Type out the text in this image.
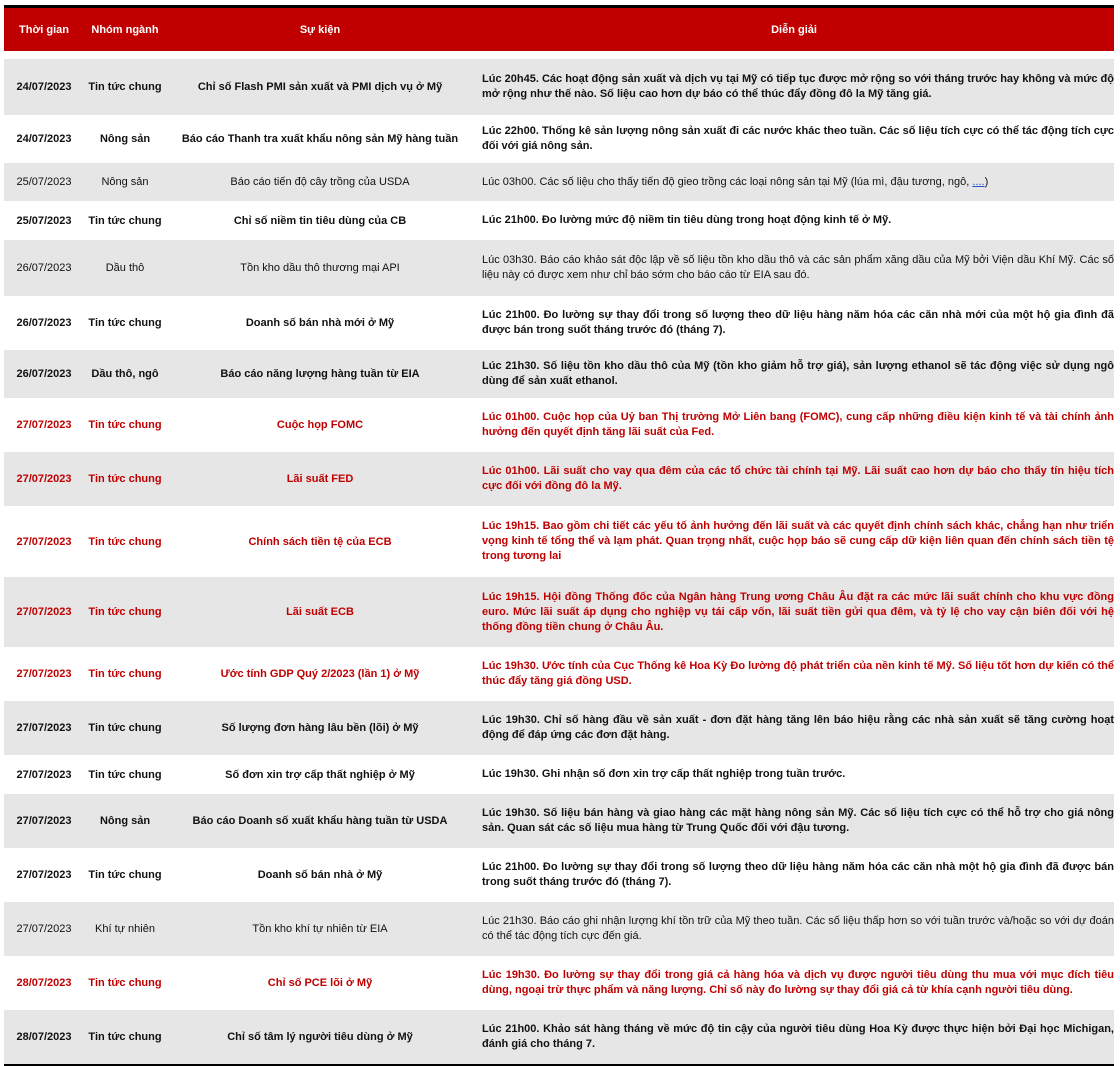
Thời gian	Nhóm ngành	Sự kiện	Diễn giải

24/07/2023	Tin tức chung	Chỉ số Flash PMI sản xuất và PMI dịch vụ ở Mỹ	Lúc 20h45. Các hoạt động sản xuất và dịch vụ tại Mỹ có tiếp tục được mở rộng so với tháng trước hay không và mức độ mở rộng như thế nào. Số liệu cao hơn dự báo có thể thúc đẩy đồng đô la Mỹ tăng giá.
24/07/2023	Nông sản	Báo cáo Thanh tra xuất khẩu nông sản Mỹ hàng tuần	Lúc 22h00. Thống kê sản lượng nông sản xuất đi các nước khác theo tuần. Các số liệu tích cực có thể tác động tích cực đối với giá nông sản.
25/07/2023	Nông sản	Báo cáo tiến độ cây trồng của USDA	Lúc 03h00. Các số liệu cho thấy tiến độ gieo trồng các loại nông sản tại Mỹ (lúa mì, đậu tương, ngô, ....)
25/07/2023	Tin tức chung	Chỉ số niềm tin tiêu dùng của CB	Lúc 21h00. Đo lường mức độ niềm tin tiêu dùng trong hoạt động kinh tế ở Mỹ.
26/07/2023	Dầu thô	Tồn kho dầu thô thương mại API	Lúc 03h30. Báo cáo khảo sát độc lập về số liệu tồn kho dầu thô và các sản phẩm xăng dầu của Mỹ bởi Viện dầu Khí Mỹ. Các số liệu này có được xem như chỉ báo sớm cho báo cáo từ EIA sau đó.
26/07/2023	Tin tức chung	Doanh số bán nhà mới ở Mỹ	Lúc 21h00. Đo lường sự thay đổi trong số lượng theo dữ liệu hàng năm hóa các căn nhà mới của một hộ gia đình đã được bán trong suốt tháng trước đó (tháng 7).
26/07/2023	Dầu thô, ngô	Báo cáo năng lượng hàng tuần từ EIA	Lúc 21h30. Số liệu tồn kho dầu thô của Mỹ (tồn kho giảm hỗ trợ giá), sản lượng ethanol sẽ tác động việc sử dụng ngô dùng để sản xuất ethanol.
27/07/2023	Tin tức chung	Cuộc họp FOMC	Lúc 01h00. Cuộc họp của Uỷ ban Thị trường Mở Liên bang (FOMC), cung cấp những điều kiện kinh tế và tài chính ảnh hưởng đến quyết định tăng lãi suất của Fed.
27/07/2023	Tin tức chung	Lãi suất FED	Lúc 01h00. Lãi suất cho vay qua đêm của các tổ chức tài chính tại Mỹ. Lãi suất cao hơn dự báo cho thấy tín hiệu tích cực đối với đồng đô la Mỹ.
27/07/2023	Tin tức chung	Chính sách tiền tệ của ECB	Lúc 19h15. Bao gồm chi tiết các yếu tố ảnh hưởng đến lãi suất và các quyết định chính sách khác, chẳng hạn như triển vọng kinh tế tổng thể và lạm phát. Quan trọng nhất, cuộc họp báo sẽ cung cấp dữ kiện liên quan đến chính sách tiền tệ trong tương lai
27/07/2023	Tin tức chung	Lãi suất ECB	Lúc 19h15. Hội đồng Thống đốc của Ngân hàng Trung ương Châu Âu đặt ra các mức lãi suất chính cho khu vực đồng euro. Mức lãi suất áp dụng cho nghiệp vụ tái cấp vốn, lãi suất tiền gửi qua đêm, và tỷ lệ cho vay cận biên đối với hệ thống đồng tiền chung ở Châu Âu.
27/07/2023	Tin tức chung	Ước tính GDP Quý 2/2023 (lần 1) ở Mỹ	Lúc 19h30. Ước tính của Cục Thống kê Hoa Kỳ Đo lường độ phát triển của nền kinh tế Mỹ. Số liệu tốt hơn dự kiến có thể thúc đẩy tăng giá đồng USD.
27/07/2023	Tin tức chung	Số lượng đơn hàng lâu bền (lõi) ở Mỹ	Lúc 19h30. Chỉ số hàng đầu về sản xuất - đơn đặt hàng tăng lên báo hiệu rằng các nhà sản xuất sẽ tăng cường hoạt động để đáp ứng các đơn đặt hàng.
27/07/2023	Tin tức chung	Số đơn xin trợ cấp thất nghiệp ở Mỹ	Lúc 19h30. Ghi nhận số đơn xin trợ cấp thất nghiệp trong tuần trước.
27/07/2023	Nông sản	Báo cáo Doanh số xuất khẩu hàng tuần từ USDA	Lúc 19h30. Số liệu bán hàng và giao hàng các mặt hàng nông sản Mỹ. Các số liệu tích cực có thể hỗ trợ cho giá nông sản. Quan sát các số liệu mua hàng từ Trung Quốc đối với đậu tương.
27/07/2023	Tin tức chung	Doanh số bán nhà ở Mỹ	Lúc 21h00. Đo lường sự thay đổi trong số lượng theo dữ liệu hàng năm hóa các căn nhà một hộ gia đình đã được bán trong suốt tháng trước đó (tháng 7).
27/07/2023	Khí tự nhiên	Tồn kho khí tự nhiên từ EIA	Lúc 21h30. Báo cáo ghi nhận lượng khí tồn trữ của Mỹ theo tuần. Các số liệu thấp hơn so với tuần trước và/hoặc so với dự đoán có thể tác động tích cực đến giá.
28/07/2023	Tin tức chung	Chỉ số PCE lõi ở Mỹ	Lúc 19h30. Đo lường sự thay đổi trong giá cả hàng hóa và dịch vụ được người tiêu dùng thu mua với mục đích tiêu dùng, ngoại trừ thực phẩm và năng lượng. Chỉ số này đo lường sự thay đổi giá cả từ khía cạnh người tiêu dùng.
28/07/2023	Tin tức chung	Chỉ số tâm lý người tiêu dùng ở Mỹ	Lúc 21h00. Khảo sát hàng tháng về mức độ tin cậy của người tiêu dùng Hoa Kỳ được thực hiện bởi Đại học Michigan, đánh giá cho tháng 7.
